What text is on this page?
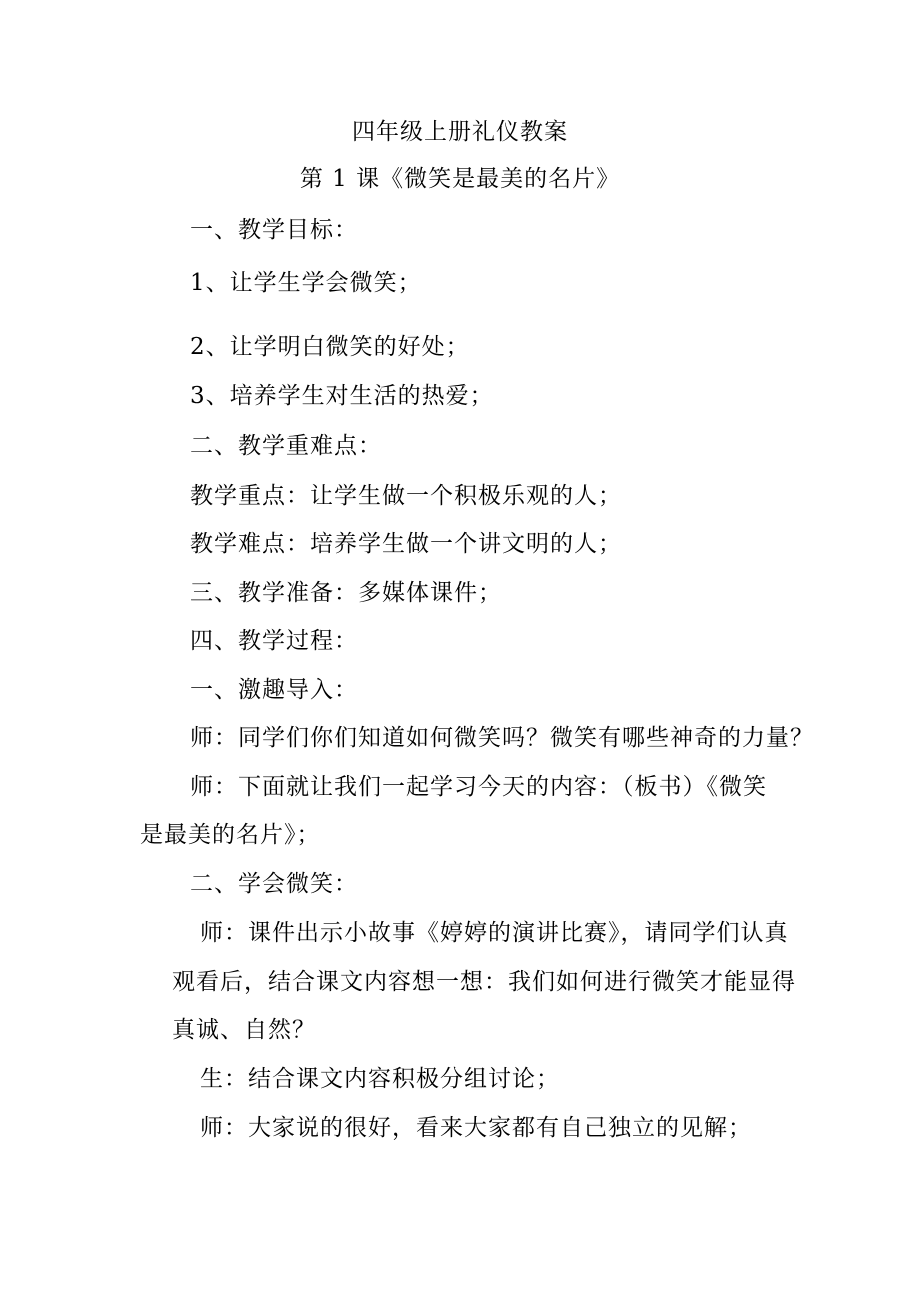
四年级上册礼仪教案
第 1 课《微笑是最美的名片》
一、教学目标：
1、让学生学会微笑；
2、让学明白微笑的好处；
3、培养学生对生活的热爱；
二、教学重难点：
教学重点：让学生做一个积极乐观的人；
教学难点：培养学生做一个讲文明的人；
三、教学准备：多媒体课件；
四、教学过程：
一、激趣导入：
师：同学们你们知道如何微笑吗？微笑有哪些神奇的力量？
师：下面就让我们一起学习今天的内容：（板书）《微笑
是最美的名片》；
二、学会微笑：
师：课件出示小故事《婷婷的演讲比赛》，请同学们认真
观看后，结合课文内容想一想：我们如何进行微笑才能显得
真诚、自然？
生：结合课文内容积极分组讨论；
师：大家说的很好，看来大家都有自己独立的见解；
